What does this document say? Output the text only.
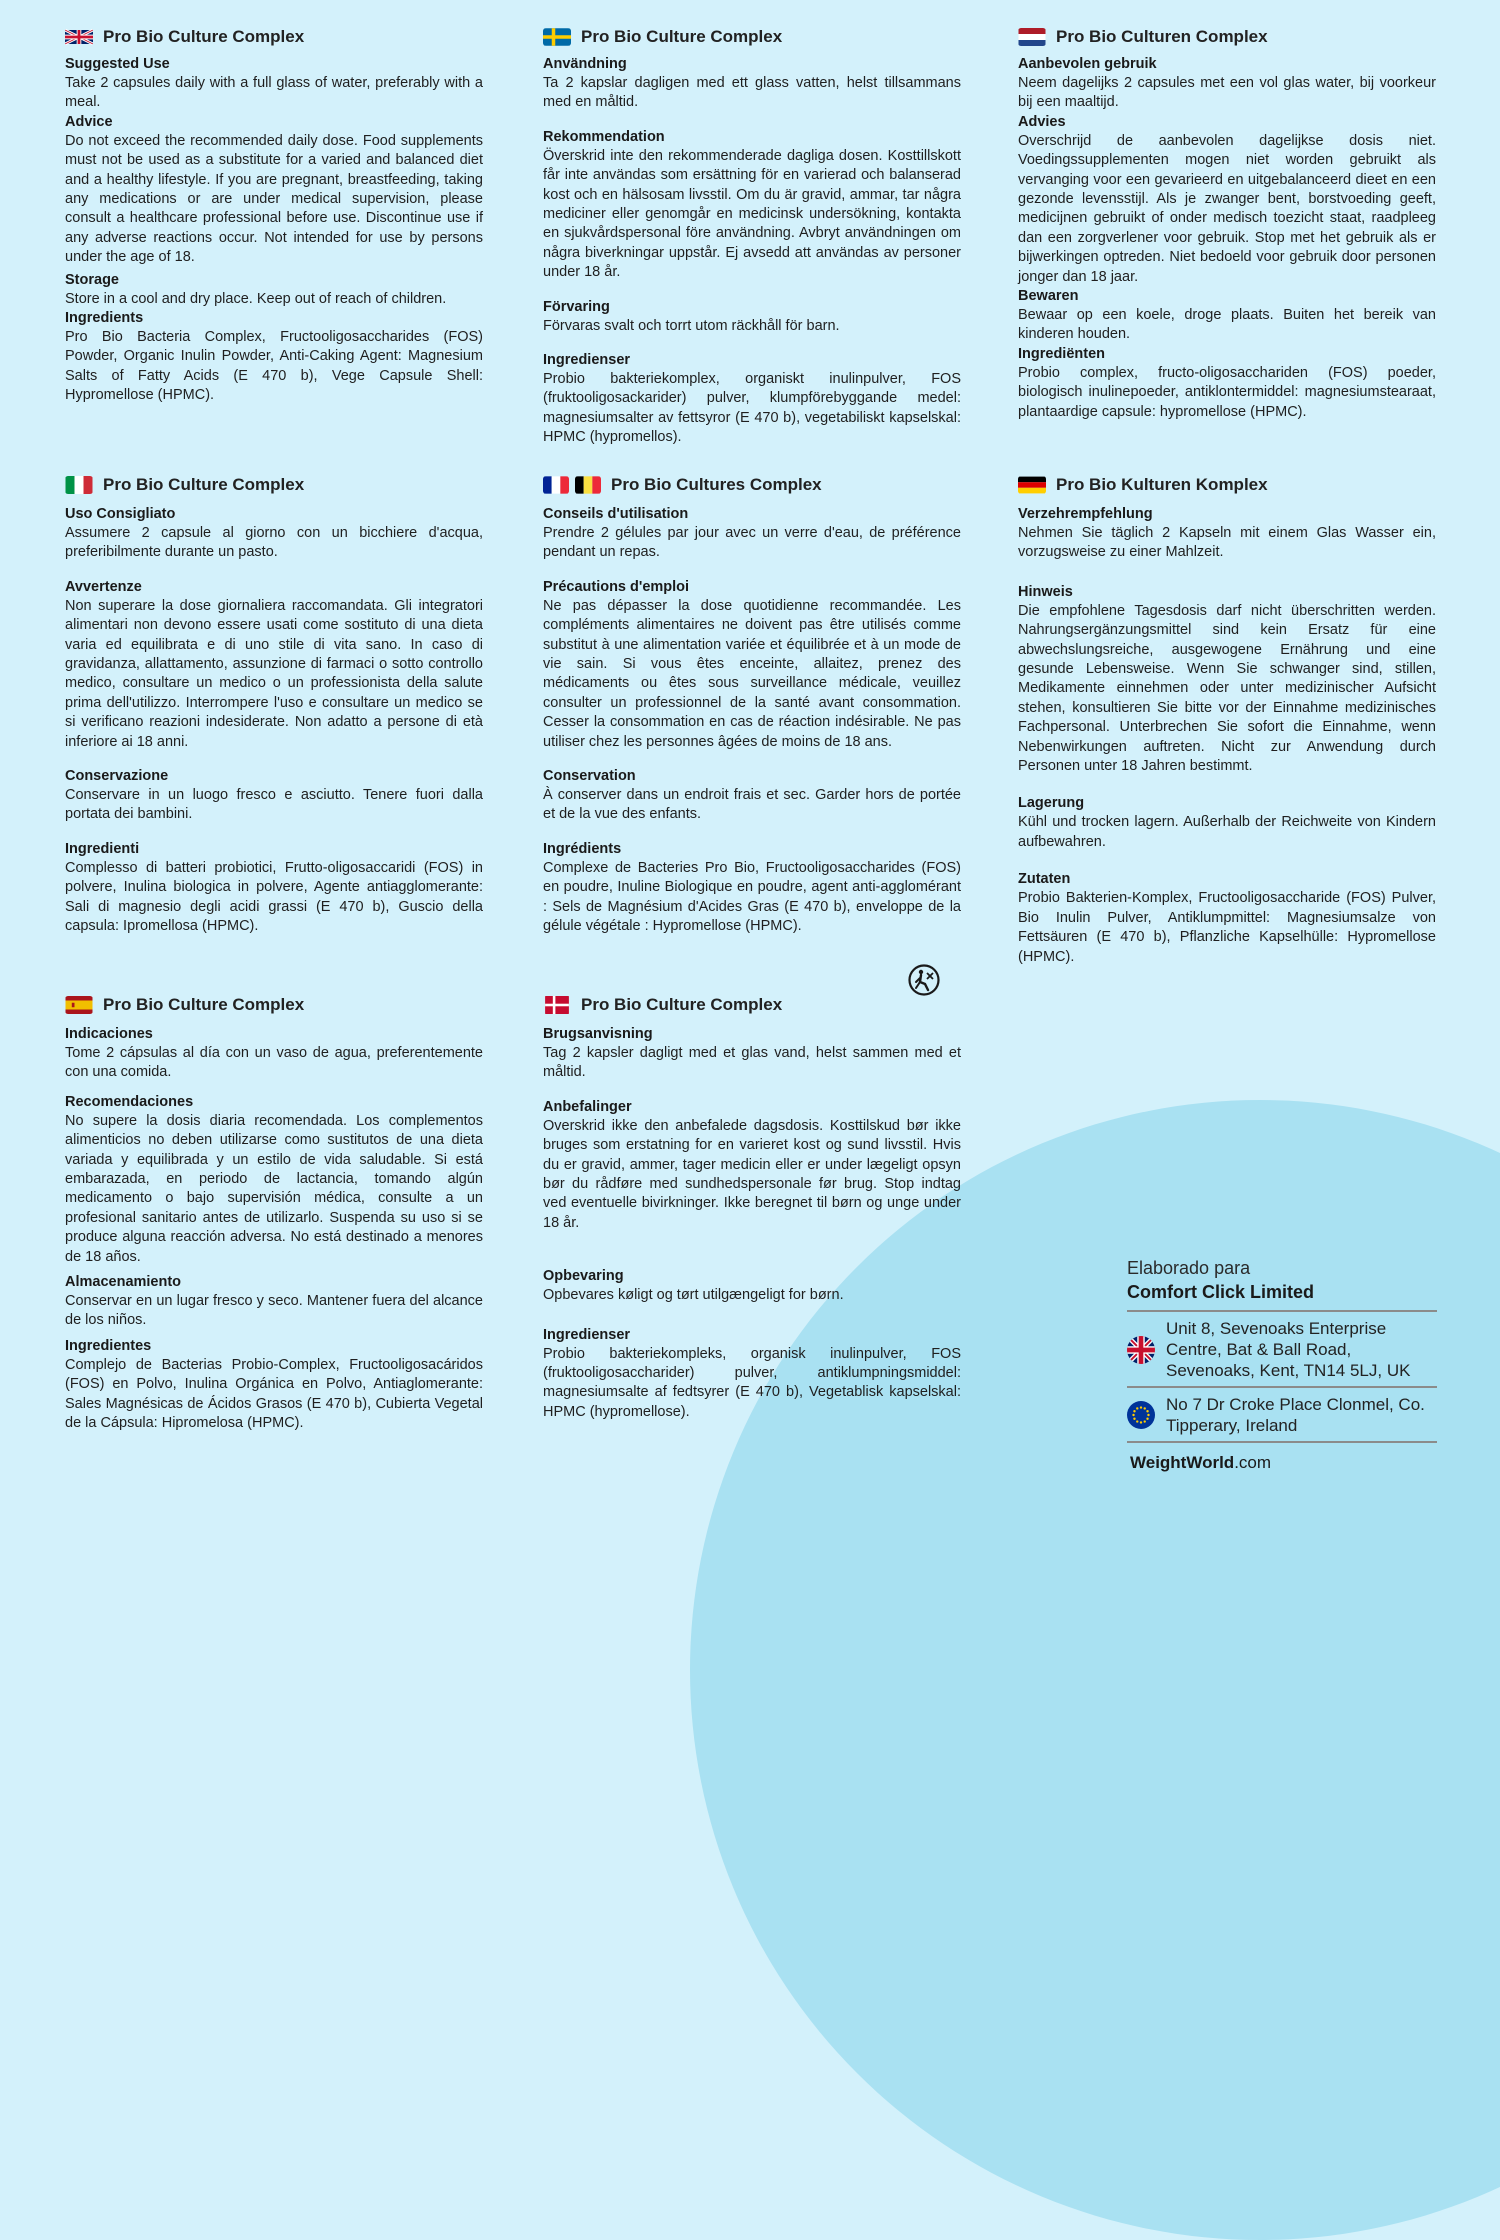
Pro Bio Culture Complex
Suggested Use
Take 2 capsules daily with a full glass of water, preferably with a meal.
Advice
Do not exceed the recommended daily dose. Food supplements must not be used as a substitute for a varied and balanced diet and a healthy lifestyle. If you are pregnant, breastfeeding, taking any medications or are under medical supervision, please consult a healthcare professional before use. Discontinue use if any adverse reactions occur. Not intended for use by persons under the age of 18.
Storage
Store in a cool and dry place. Keep out of reach of children.
Ingredients
Pro Bio Bacteria Complex, Fructooligosaccharides (FOS) Powder, Organic Inulin Powder, Anti-Caking Agent: Magnesium Salts of Fatty Acids (E 470 b), Vege Capsule Shell: Hypromellose (HPMC).
Pro Bio Culture Complex
Användning
Ta 2 kapslar dagligen med ett glass vatten, helst tillsammans med en måltid.
Rekommendation
Överskrid inte den rekommenderade dagliga dosen. Kosttillskott får inte användas som ersättning för en varierad och balanserad kost och en hälsosam livsstil. Om du är gravid, ammar, tar några mediciner eller genomgår en medicinsk undersökning, kontakta en sjukvårdspersonal före användning. Avbryt användningen om några biverkningar uppstår. Ej avsedd att användas av personer under 18 år.
Förvaring
Förvaras svalt och torrt utom räckhåll för barn.
Ingredienser
Probio bakteriekomplex, organiskt inulinpulver, FOS (fruktooligosackarider) pulver, klumpförebyggande medel: magnesiumsalter av fettsyror (E 470 b), vegetabiliskt kapselskal: HPMC (hypromellos).
Pro Bio Culturen Complex
Aanbevolen gebruik
Neem dagelijks 2 capsules met een vol glas water, bij voorkeur bij een maaltijd.
Advies
Overschrijd de aanbevolen dagelijkse dosis niet. Voedingssupplementen mogen niet worden gebruikt als vervanging voor een gevarieerd en uitgebalanceerd dieet en een gezonde levensstijl. Als je zwanger bent, borstvoeding geeft, medicijnen gebruikt of onder medisch toezicht staat, raadpleeg dan een zorgverlener voor gebruik. Stop met het gebruik als er bijwerkingen optreden. Niet bedoeld voor gebruik door personen jonger dan 18 jaar.
Bewaren
Bewaar op een koele, droge plaats. Buiten het bereik van kinderen houden.
Ingrediënten
Probio complex, fructo-oligosacchariden (FOS) poeder, biologisch inulinepoeder, antiklontermiddel: magnesiumstearaat, plantaardige capsule: hypromellose (HPMC).
Pro Bio Culture Complex
Uso Consigliato
Assumere 2 capsule al giorno con un bicchiere d'acqua, preferibilmente durante un pasto.
Avvertenze
Non superare la dose giornaliera raccomandata. Gli integratori alimentari non devono essere usati come sostituto di una dieta varia ed equilibrata e di uno stile di vita sano. In caso di gravidanza, allattamento, assunzione di farmaci o sotto controllo medico, consultare un medico o un professionista della salute prima dell'utilizzo. Interrompere l'uso e consultare un medico se si verificano reazioni indesiderate. Non adatto a persone di età inferiore ai 18 anni.
Conservazione
Conservare in un luogo fresco e asciutto. Tenere fuori dalla portata dei bambini.
Ingredienti
Complesso di batteri probiotici, Frutto-oligosaccaridi (FOS) in polvere, Inulina biologica in polvere, Agente antiagglomerante: Sali di magnesio degli acidi grassi (E 470 b), Guscio della capsula: Ipromellosa (HPMC).
Pro Bio Cultures Complex
Conseils d'utilisation
Prendre 2 gélules par jour avec un verre d'eau, de préférence pendant un repas.
Précautions d'emploi
Ne pas dépasser la dose quotidienne recommandée. Les compléments alimentaires ne doivent pas être utilisés comme substitut à une alimentation variée et équilibrée et à un mode de vie sain. Si vous êtes enceinte, allaitez, prenez des médicaments ou êtes sous surveillance médicale, veuillez consulter un professionnel de la santé avant consommation. Cesser la consommation en cas de réaction indésirable. Ne pas utiliser chez les personnes âgées de moins de 18 ans.
Conservation
À conserver dans un endroit frais et sec. Garder hors de portée et de la vue des enfants.
Ingrédients
Complexe de Bacteries Pro Bio, Fructooligosaccharides (FOS) en poudre, Inuline Biologique en poudre, agent anti-agglomérant : Sels de Magnésium d'Acides Gras (E 470 b), enveloppe de la gélule végétale : Hypromellose (HPMC).
Pro Bio Kulturen Komplex
Verzehrempfehlung
Nehmen Sie täglich 2 Kapseln mit einem Glas Wasser ein, vorzugsweise zu einer Mahlzeit.
Hinweis
Die empfohlene Tagesdosis darf nicht überschritten werden. Nahrungsergänzungsmittel sind kein Ersatz für eine abwechslungsreiche, ausgewogene Ernährung und eine gesunde Lebensweise. Wenn Sie schwanger sind, stillen, Medikamente einnehmen oder unter medizinischer Aufsicht stehen, konsultieren Sie bitte vor der Einnahme medizinisches Fachpersonal. Unterbrechen Sie sofort die Einnahme, wenn Nebenwirkungen auftreten. Nicht zur Anwendung durch Personen unter 18 Jahren bestimmt.
Lagerung
Kühl und trocken lagern. Außerhalb der Reichweite von Kindern aufbewahren.
Zutaten
Probio Bakterien-Komplex, Fructooligosaccharide (FOS) Pulver, Bio Inulin Pulver, Antiklumpmittel: Magnesiumsalze von Fettsäuren (E 470 b), Pflanzliche Kapselhülle: Hypromellose (HPMC).
Pro Bio Culture Complex
Indicaciones
Tome 2 cápsulas al día con un vaso de agua, preferentemente con una comida.
Recomendaciones
No supere la dosis diaria recomendada. Los complementos alimenticios no deben utilizarse como sustitutos de una dieta variada y equilibrada y un estilo de vida saludable. Si está embarazada, en periodo de lactancia, tomando algún medicamento o bajo supervisión médica, consulte a un profesional sanitario antes de utilizarlo. Suspenda su uso si se produce alguna reacción adversa. No está destinado a menores de 18 años.
Almacenamiento
Conservar en un lugar fresco y seco. Mantener fuera del alcance de los niños.
Ingredientes
Complejo de Bacterias Probio-Complex, Fructooligosacáridos (FOS) en Polvo, Inulina Orgánica en Polvo, Antiaglomerante: Sales Magnésicas de Ácidos Grasos (E 470 b), Cubierta Vegetal de la Cápsula: Hipromelosa (HPMC).
Pro Bio Culture Complex
Brugsanvisning
Tag 2 kapsler dagligt med et glas vand, helst sammen med et måltid.
Anbefalinger
Overskrid ikke den anbefalede dagsdosis. Kosttilskud bør ikke bruges som erstatning for en varieret kost og sund livsstil. Hvis du er gravid, ammer, tager medicin eller er under lægeligt opsyn bør du rådføre med sundhedspersonale før brug. Stop indtag ved eventuelle bivirkninger. Ikke beregnet til børn og unge under 18 år.
Opbevaring
Opbevares køligt og tørt utilgængeligt for børn.
Ingredienser
Probio bakteriekompleks, organisk inulinpulver, FOS (fruktooligosaccharider) pulver, antiklumpningsmiddel: magnesiumsalte af fedtsyrer (E 470 b), Vegetablisk kapselskal: HPMC (hypromellose).
Elaborado para
Comfort Click Limited
Unit 8, Sevenoaks Enterprise Centre, Bat & Ball Road, Sevenoaks, Kent, TN14 5LJ, UK
No 7 Dr Croke Place Clonmel, Co. Tipperary, Ireland
WeightWorld.com
